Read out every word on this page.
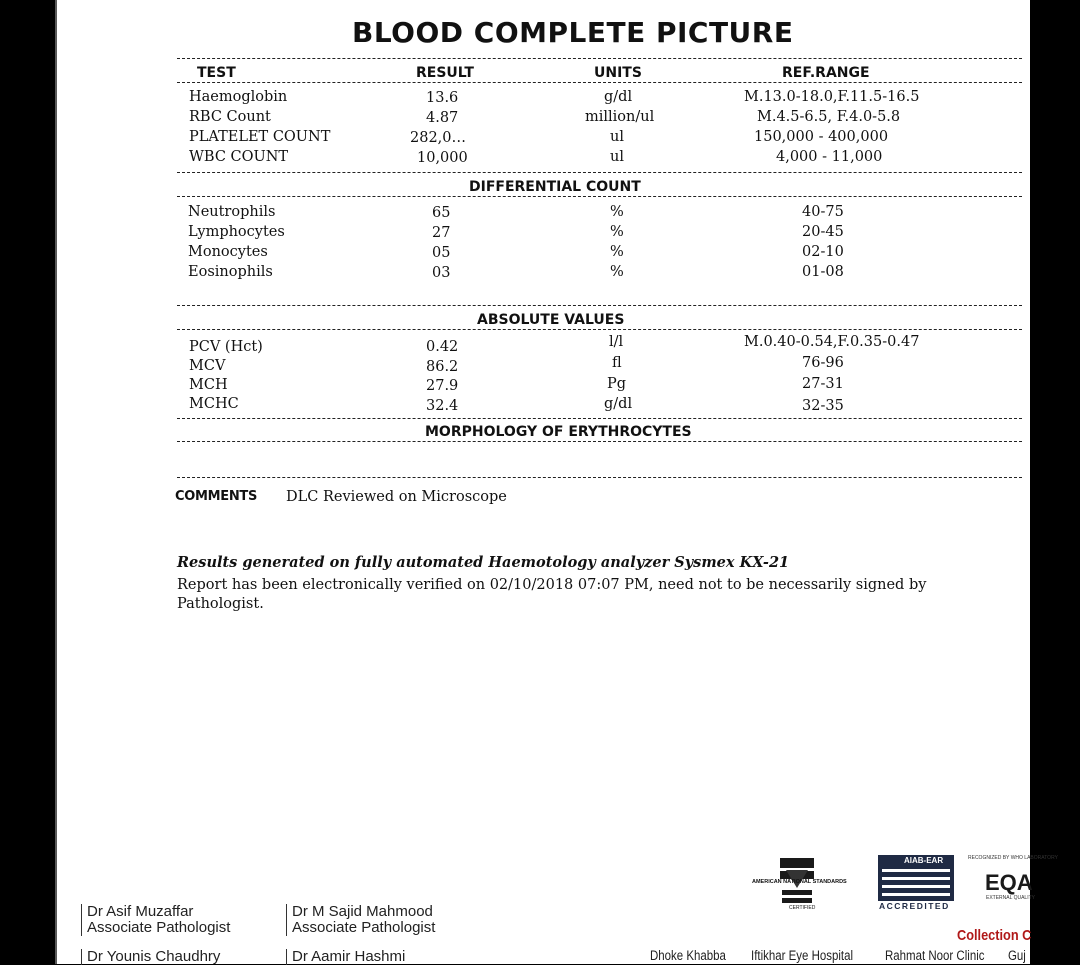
BLOOD COMPLETE PICTURE
TEST	RESULT	UNITS	REF.RANGE
Haemoglobin	13.6	g/dl	M.13.0-18.0,F.11.5-16.5
RBC Count	4.87	million/ul	M.4.5-6.5, F.4.0-5.8
PLATELET COUNT	282,0…	ul	150,000 - 400,000
WBC COUNT	10,000	ul	4,000 - 11,000
DIFFERENTIAL COUNT
Neutrophils	65	%	40-75
Lymphocytes	27	%	20-45
Monocytes	05	%	02-10
Eosinophils	03	%	01-08
ABSOLUTE VALUES
PCV (Hct)	0.42	l/l	M.0.40-0.54,F.0.35-0.47
MCV	86.2	fl	76-96
MCH	27.9	Pg	27-31
MCHC	32.4	g/dl	32-35
MORPHOLOGY OF ERYTHROCYTES
COMMENTS DLC Reviewed on Microscope
Results generated on fully automated Haemotology analyzer Sysmex KX-21
Report has been electronically verified on 02/10/2018 07:07 PM, need not to be necessarily signed by
Pathologist.
AMERICAN NATIONAL STANDARDS
CERTIFIED
AIAB-EAR
ACCREDITED
RECOGNIZED BY WHO LABORATORY
EQA
EXTERNAL QUALITY
Dr Asif Muzaffar
Associate Pathologist
Dr M Sajid Mahmood
Associate Pathologist
Dr Younis Chaudhry	Dr Aamir Hashmi
Collection C
Dhoke Khabba Iftikhar Eye Hospital Rahmat Noor Clinic Guj
